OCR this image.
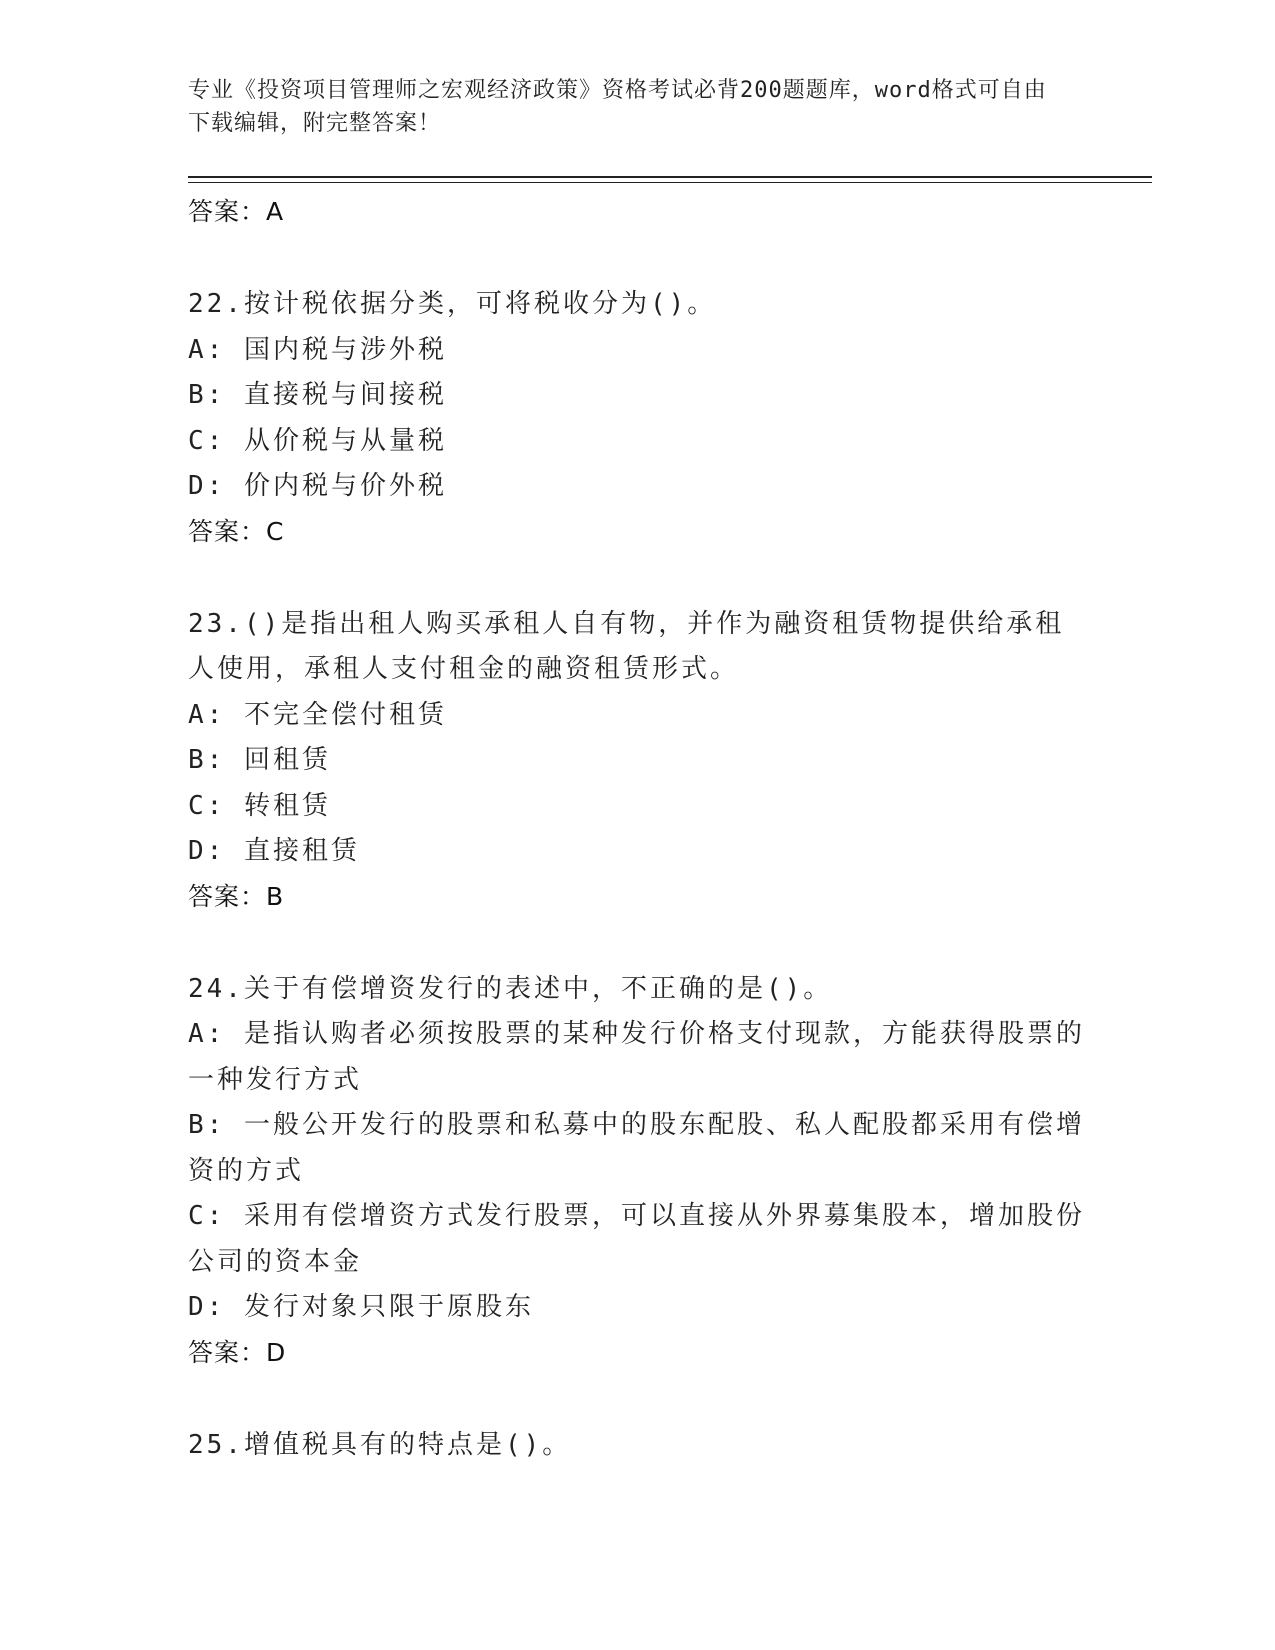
专业《投资项目管理师之宏观经济政策》资格考试必背200题题库，word格式可自由下载编辑，附完整答案！
答案：A
22.按计税依据分类，可将税收分为()。
A: 国内税与涉外税
B: 直接税与间接税
C: 从价税与从量税
D: 价内税与价外税
答案：C
23.()是指出租人购买承租人自有物，并作为融资租赁物提供给承租人使用，承租人支付租金的融资租赁形式。
A: 不完全偿付租赁
B: 回租赁
C: 转租赁
D: 直接租赁
答案：B
24.关于有偿增资发行的表述中，不正确的是()。
A: 是指认购者必须按股票的某种发行价格支付现款，方能获得股票的一种发行方式
B: 一般公开发行的股票和私募中的股东配股、私人配股都采用有偿增资的方式
C: 采用有偿增资方式发行股票，可以直接从外界募集股本，增加股份公司的资本金
D: 发行对象只限于原股东
答案：D
25.增值税具有的特点是()。
